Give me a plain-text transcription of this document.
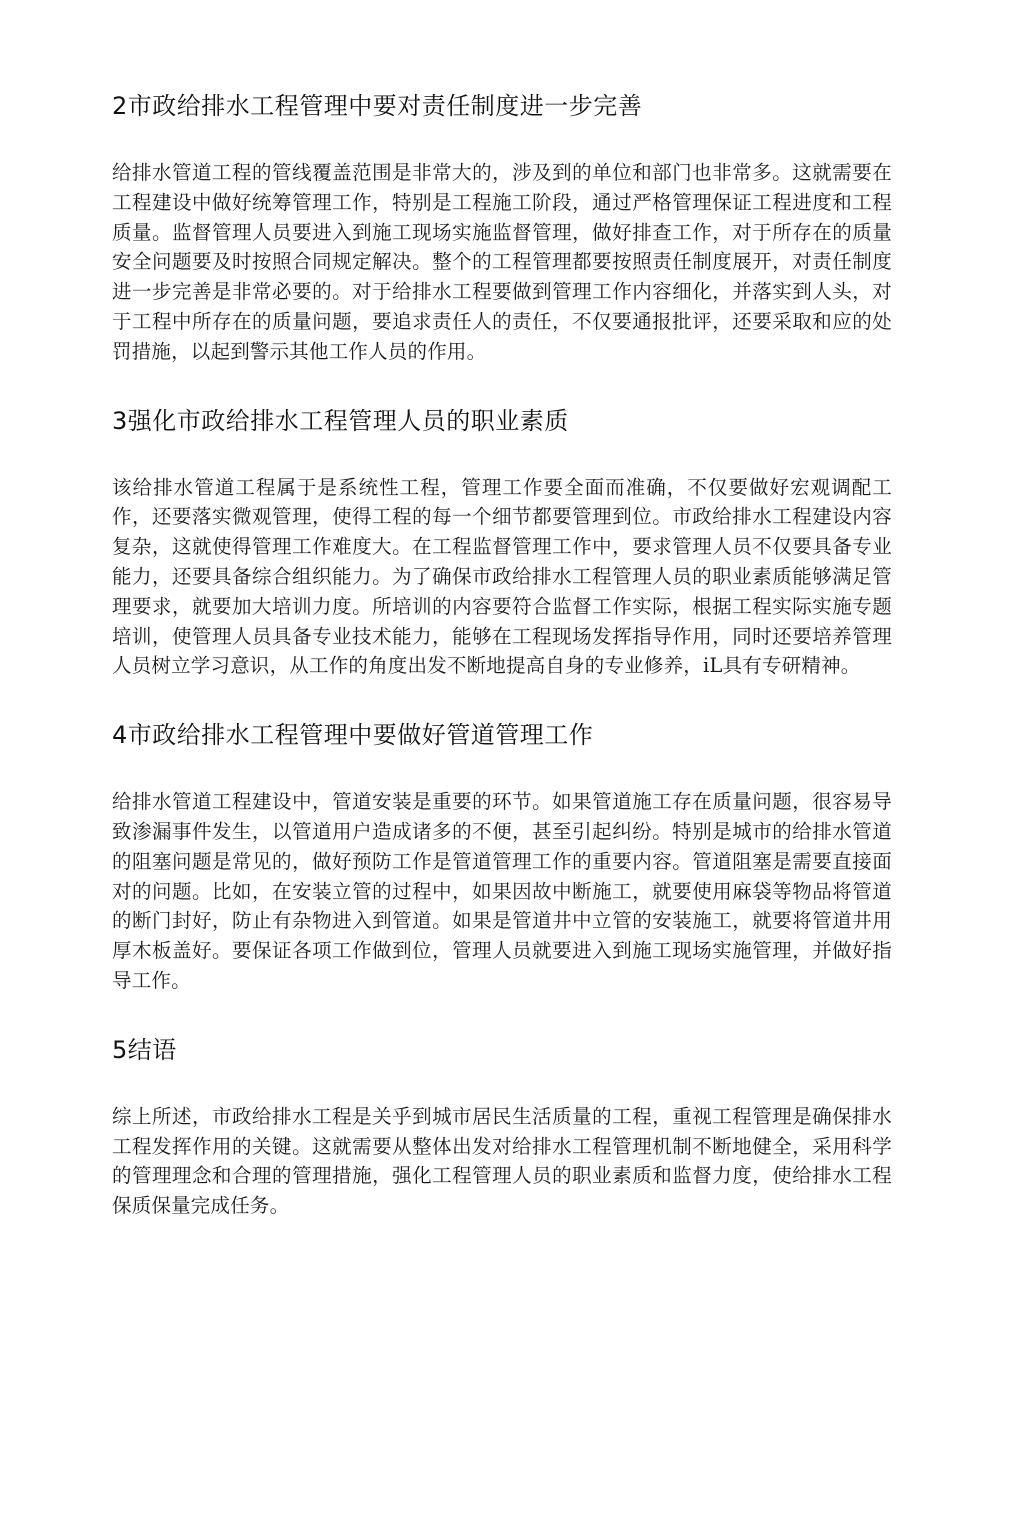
2市政给排水工程管理中要对责任制度进一步完善

给排水管道工程的管线覆盖范围是非常大的，涉及到的单位和部门也非常多。这就需要在工程建设中做好统筹管理工作，特别是工程施工阶段，通过严格管理保证工程进度和工程质量。监督管理人员要进入到施工现场实施监督管理，做好排查工作，对于所存在的质量安全问题要及时按照合同规定解决。整个的工程管理都要按照责任制度展开，对责任制度进一步完善是非常必要的。对于给排水工程要做到管理工作内容细化，并落实到人头，对于工程中所存在的质量问题，要追求责任人的责任，不仅要通报批评，还要采取和应的处罚措施，以起到警示其他工作人员的作用。

3强化市政给排水工程管理人员的职业素质

该给排水管道工程属于是系统性工程，管理工作要全面而准确，不仅要做好宏观调配工作，还要落实微观管理，使得工程的每一个细节都要管理到位。市政给排水工程建设内容复杂，这就使得管理工作难度大。在工程监督管理工作中，要求管理人员不仅要具备专业能力，还要具备综合组织能力。为了确保市政给排水工程管理人员的职业素质能够满足管理要求，就要加大培训力度。所培训的内容要符合监督工作实际，根据工程实际实施专题培训，使管理人员具备专业技术能力，能够在工程现场发挥指导作用，同时还要培养管理人员树立学习意识，从工作的角度出发不断地提高自身的专业修养，iL具有专研精神。

4市政给排水工程管理中要做好管道管理工作

给排水管道工程建设中，管道安装是重要的环节。如果管道施工存在质量问题，很容易导致渗漏事件发生，以管道用户造成诸多的不便，甚至引起纠纷。特别是城市的给排水管道的阻塞问题是常见的，做好预防工作是管道管理工作的重要内容。管道阻塞是需要直接面对的问题。比如，在安装立管的过程中，如果因故中断施工，就要使用麻袋等物品将管道的断门封好，防止有杂物进入到管道。如果是管道井中立管的安装施工，就要将管道井用厚木板盖好。要保证各项工作做到位，管理人员就要进入到施工现场实施管理，并做好指导工作。

5结语

综上所述，市政给排水工程是关乎到城市居民生活质量的工程，重视工程管理是确保排水工程发挥作用的关键。这就需要从整体出发对给排水工程管理机制不断地健全，采用科学的管理理念和合理的管理措施，强化工程管理人员的职业素质和监督力度，使给排水工程保质保量完成任务。
